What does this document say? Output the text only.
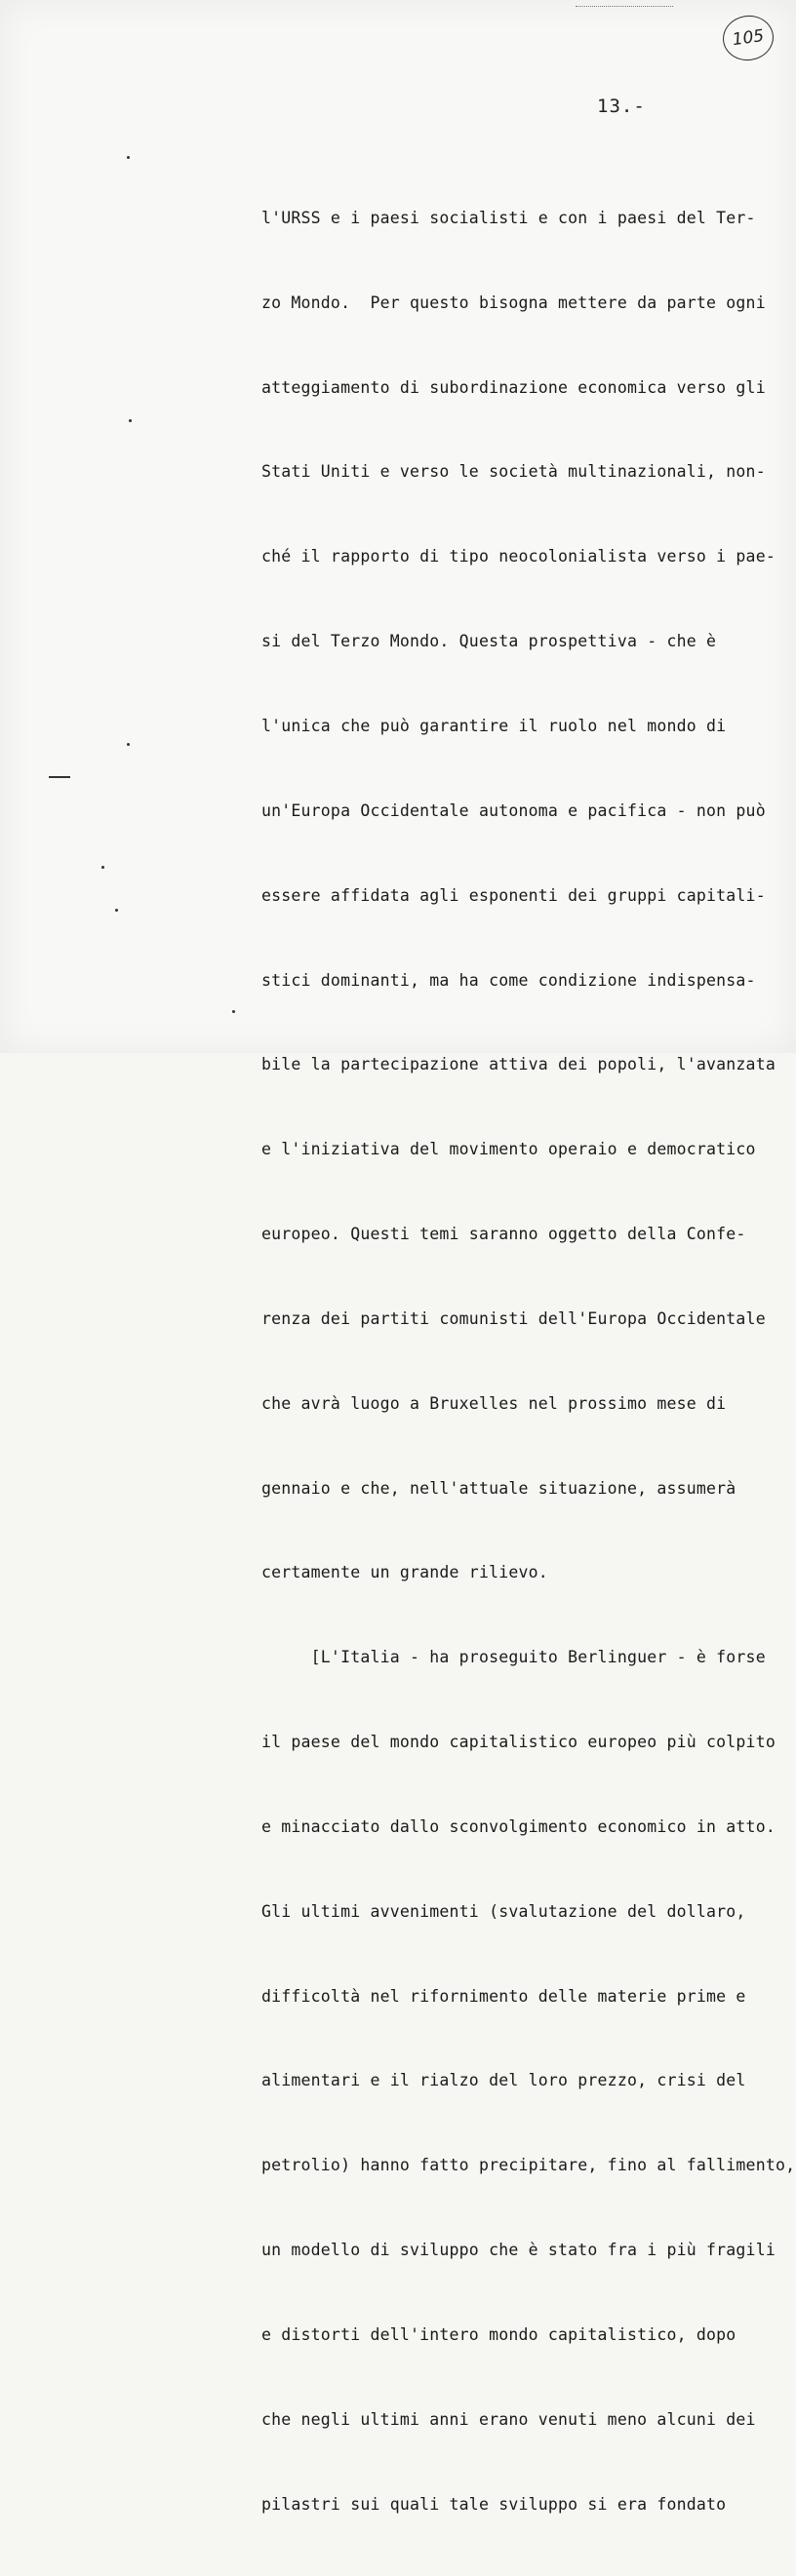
105
13.-

l'URSS e i paesi socialisti e con i paesi del Ter-

zo Mondo.  Per questo bisogna mettere da parte ogni

atteggiamento di subordinazione economica verso gli

Stati Uniti e verso le società multinazionali, non-

ché il rapporto di tipo neocolonialista verso i pae-

si del Terzo Mondo. Questa prospettiva - che è

l'unica che può garantire il ruolo nel mondo di

un'Europa Occidentale autonoma e pacifica - non può

essere affidata agli esponenti dei gruppi capitali-

stici dominanti, ma ha come condizione indispensa-

bile la partecipazione attiva dei popoli, l'avanzata

e l'iniziativa del movimento operaio e democratico

europeo. Questi temi saranno oggetto della Confe-

renza dei partiti comunisti dell'Europa Occidentale

che avrà luogo a Bruxelles nel prossimo mese di

gennaio e che, nell'attuale situazione, assumerà

certamente un grande rilievo.

[L'Italia - ha proseguito Berlinguer - è forse

il paese del mondo capitalistico europeo più colpito

e minacciato dallo sconvolgimento economico in atto.

Gli ultimi avvenimenti (svalutazione del dollaro,

difficoltà nel rifornimento delle materie prime e

alimentari e il rialzo del loro prezzo, crisi del

petrolio) hanno fatto precipitare, fino al fallimento,

un modello di sviluppo che è stato fra i più fragili

e distorti dell'intero mondo capitalistico, dopo

che negli ultimi anni erano venuti meno alcuni dei

pilastri sui quali tale sviluppo si era fondato
